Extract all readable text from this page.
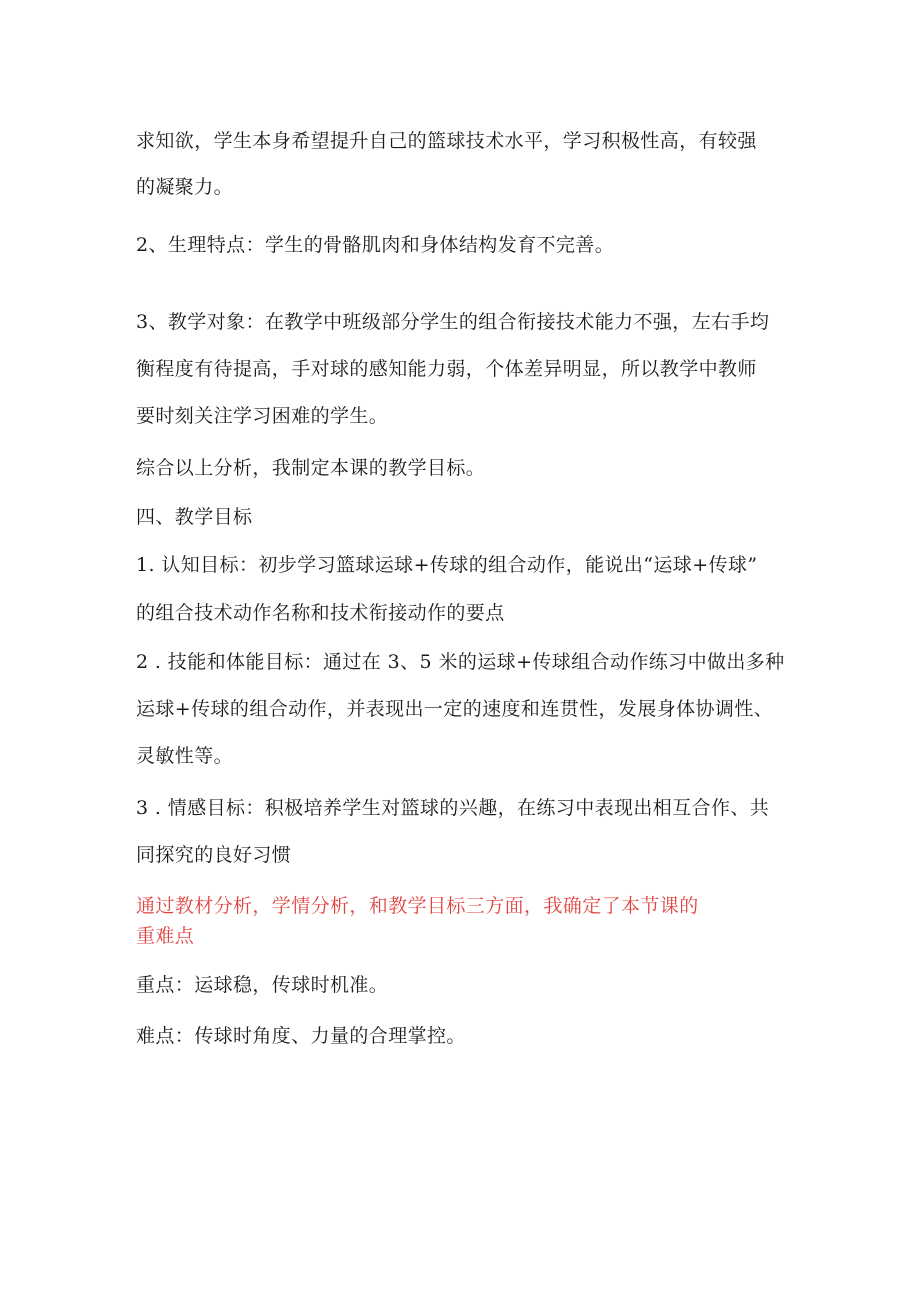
求知欲，学生本身希望提升自己的篮球技术水平，学习积极性高，有较强
的凝聚力。
2、生理特点：学生的骨骼肌肉和身体结构发育不完善。
3、教学对象：在教学中班级部分学生的组合衔接技术能力不强，左右手均
衡程度有待提高，手对球的感知能力弱，个体差异明显，所以教学中教师
要时刻关注学习困难的学生。
综合以上分析，我制定本课的教学目标。
四、教学目标
1. 认知目标：初步学习篮球运球+传球的组合动作，能说出“运球+传球”
的组合技术动作名称和技术衔接动作的要点
2 . 技能和体能目标：通过在 3、5 米的运球+传球组合动作练习中做出多种
运球+传球的组合动作，并表现出一定的速度和连贯性，发展身体协调性、
灵敏性等。
3 . 情感目标：积极培养学生对篮球的兴趣，在练习中表现出相互合作、共
同探究的良好习惯
通过教材分析，学情分析，和教学目标三方面，我确定了本节课的
重难点
重点：运球稳，传球时机准。
难点：传球时角度、力量的合理掌控。
